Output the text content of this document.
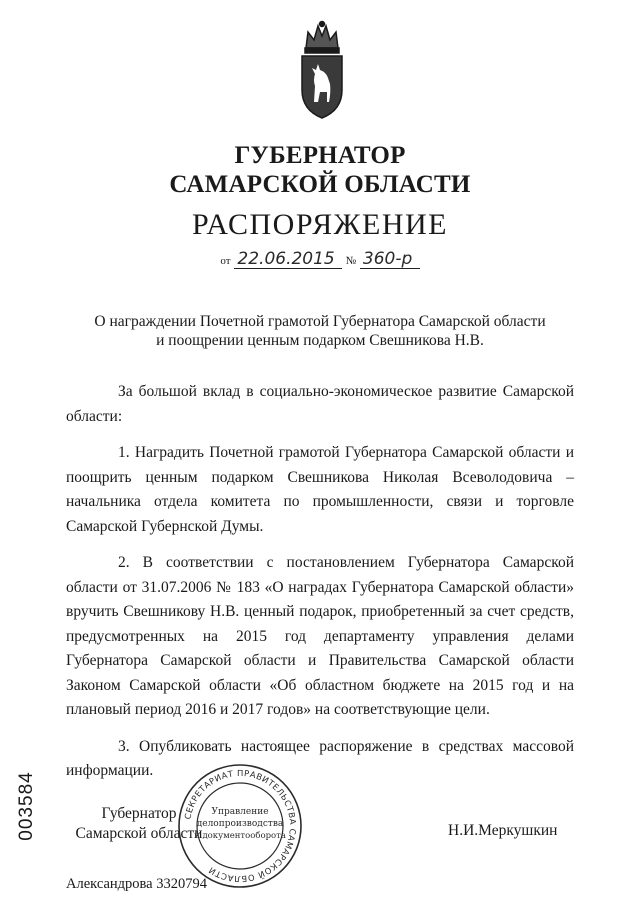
ГУБЕРНАТОР
САМАРСКОЙ ОБЛАСТИ
РАСПОРЯЖЕНИЕ
от 22.06.2015 № 360-р
О награждении Почетной грамотой Губернатора Самарской области
и поощрении ценным подарком Свешникова Н.В.

За большой вклад в социально-экономическое развитие Самарской области:

1. Наградить Почетной грамотой Губернатора Самарской области и поощрить ценным подарком Свешникова Николая Всеволодовича – начальника отдела комитета по промышленности, связи и торговле Самарской Губернской Думы.

2. В соответствии с постановлением Губернатора Самарской области от 31.07.2006 № 183 «О наградах Губернатора Самарской области» вручить Свешникову Н.В. ценный подарок, приобретенный за счет средств, предусмотренных на 2015 год департаменту управления делами Губернатора Самарской области и Правительства Самарской области Законом Самарской области «Об областном бюджете на 2015 год и на плановый период 2016 и 2017 годов» на соответствующие цели.

3. Опубликовать настоящее распоряжение в средствах массовой информации.

003584	Губернатор
Самарской области
СЕКРЕТАРИАТ ПРАВИТЕЛЬСТВА САМАРСКОЙ ОБЛАСТИ
Управление
делопроизводства
и документооборота	Н.И.Меркушкин
Александрова 3320794
